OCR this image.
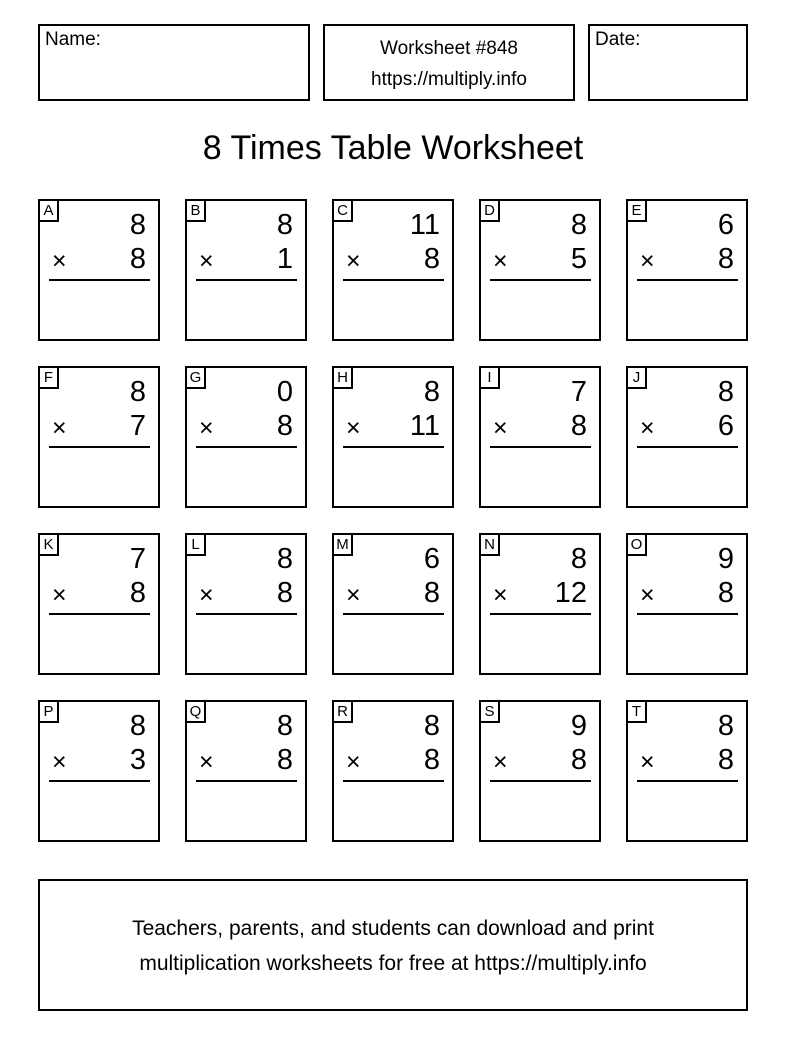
Name:	Worksheet #848
https://multiply.info
Date:
8 Times Table Worksheet
A	8
× 8
B	8
× 1
C 11
× 8
D	8
× 5
E	6
× 8
F	8
× 7
G	0
× 8
H	8
× 11
I	7
× 8
J	8
× 6
K	7
× 8
L	8
× 8
M	6
× 8
N	8
× 12
O	9
× 8
P	8
× 3
Q	8
× 8
R	8
× 8
S	9
× 8
T	8
× 8
Teachers, parents, and students can download and print
multiplication worksheets for free at https://multiply.info
